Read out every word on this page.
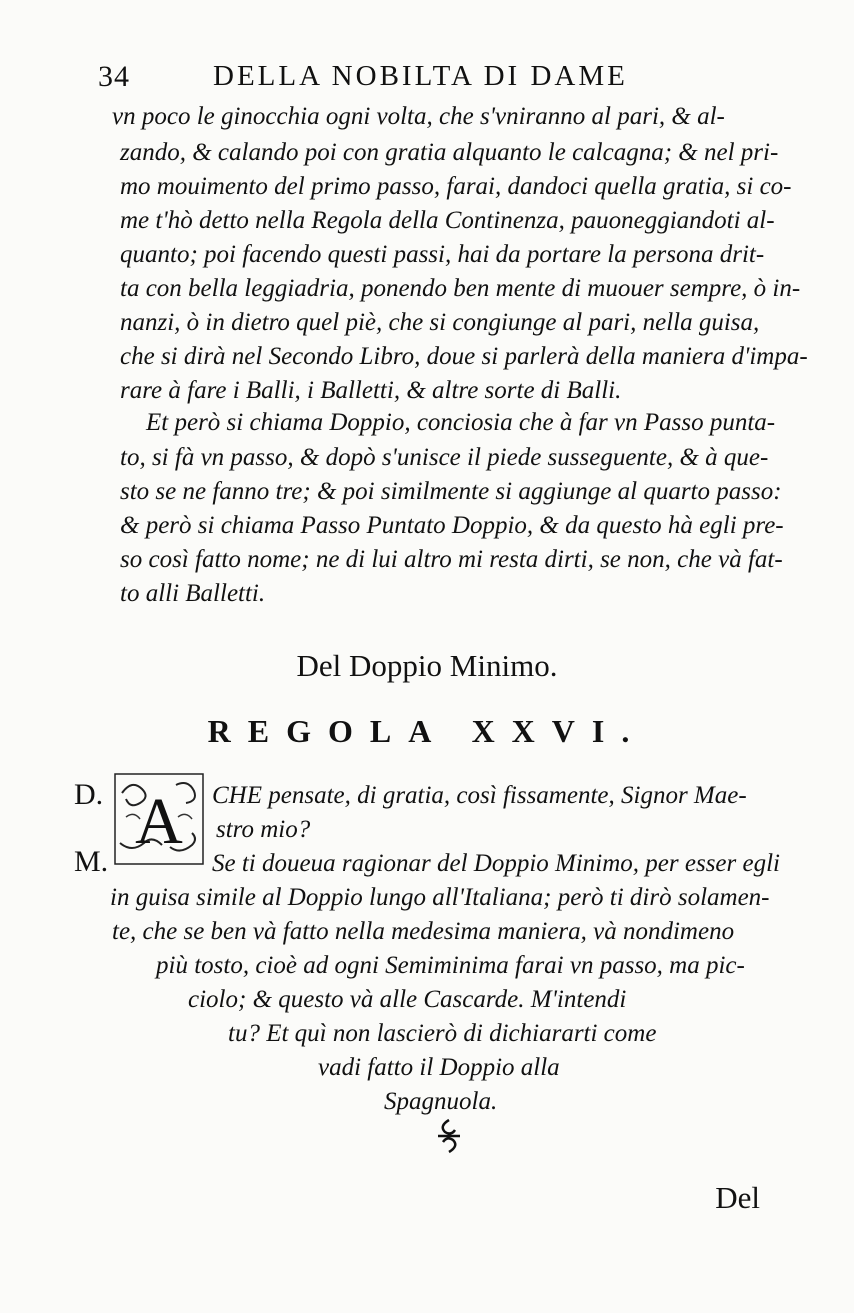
34	DELLA NOBILTA DI DAME
vn poco le ginocchia ogni volta, che s'vniranno al pari, & al-
zando, & calando poi con gratia alquanto le calcagna; & nel pri-
mo mouimento del primo passo, farai, dandoci quella gratia, si co-
me t'hò detto nella Regola della Continenza, pauoneggiandoti al-
quanto; poi facendo questi passi, hai da portare la persona drit-
ta con bella leggiadria, ponendo ben mente di muouer sempre, ò in-
nanzi, ò in dietro quel piè, che si congiunge al pari, nella guisa,
che si dirà nel Secondo Libro, doue si parlerà della maniera d'impa-
rare à fare i Balli, i Balletti, & altre sorte di Balli.
Et però si chiama Doppio, conciosia che à far vn Passo punta-
to, si fà vn passo, & dopò s'unisce il piede susseguente, & à que-
sto se ne fanno tre; & poi similmente si aggiunge al quarto passo:
& però si chiama Passo Puntato Doppio, & da questo hà egli pre-
so così fatto nome; ne di lui altro mi resta dirti, se non, che và fat-
to alli Balletti.
Del Doppio Minimo.
REGOLA XXVI.
D.
M.
A CHE pensate, di gratia, così fissamente, Signor Mae-
stro mio?
Se ti doueua ragionar del Doppio Minimo, per esser egli
in guisa simile al Doppio lungo all'Italiana; però ti dirò solamen-
te, che se ben và fatto nella medesima maniera, và nondimeno
più tosto, cioè ad ogni Semiminima farai vn passo, ma pic-
ciolo; & questo và alle Cascarde. M'intendi
tu? Et quì non lascierò di dichiararti come
vadi fatto il Doppio alla
Spagnuola.
Del
